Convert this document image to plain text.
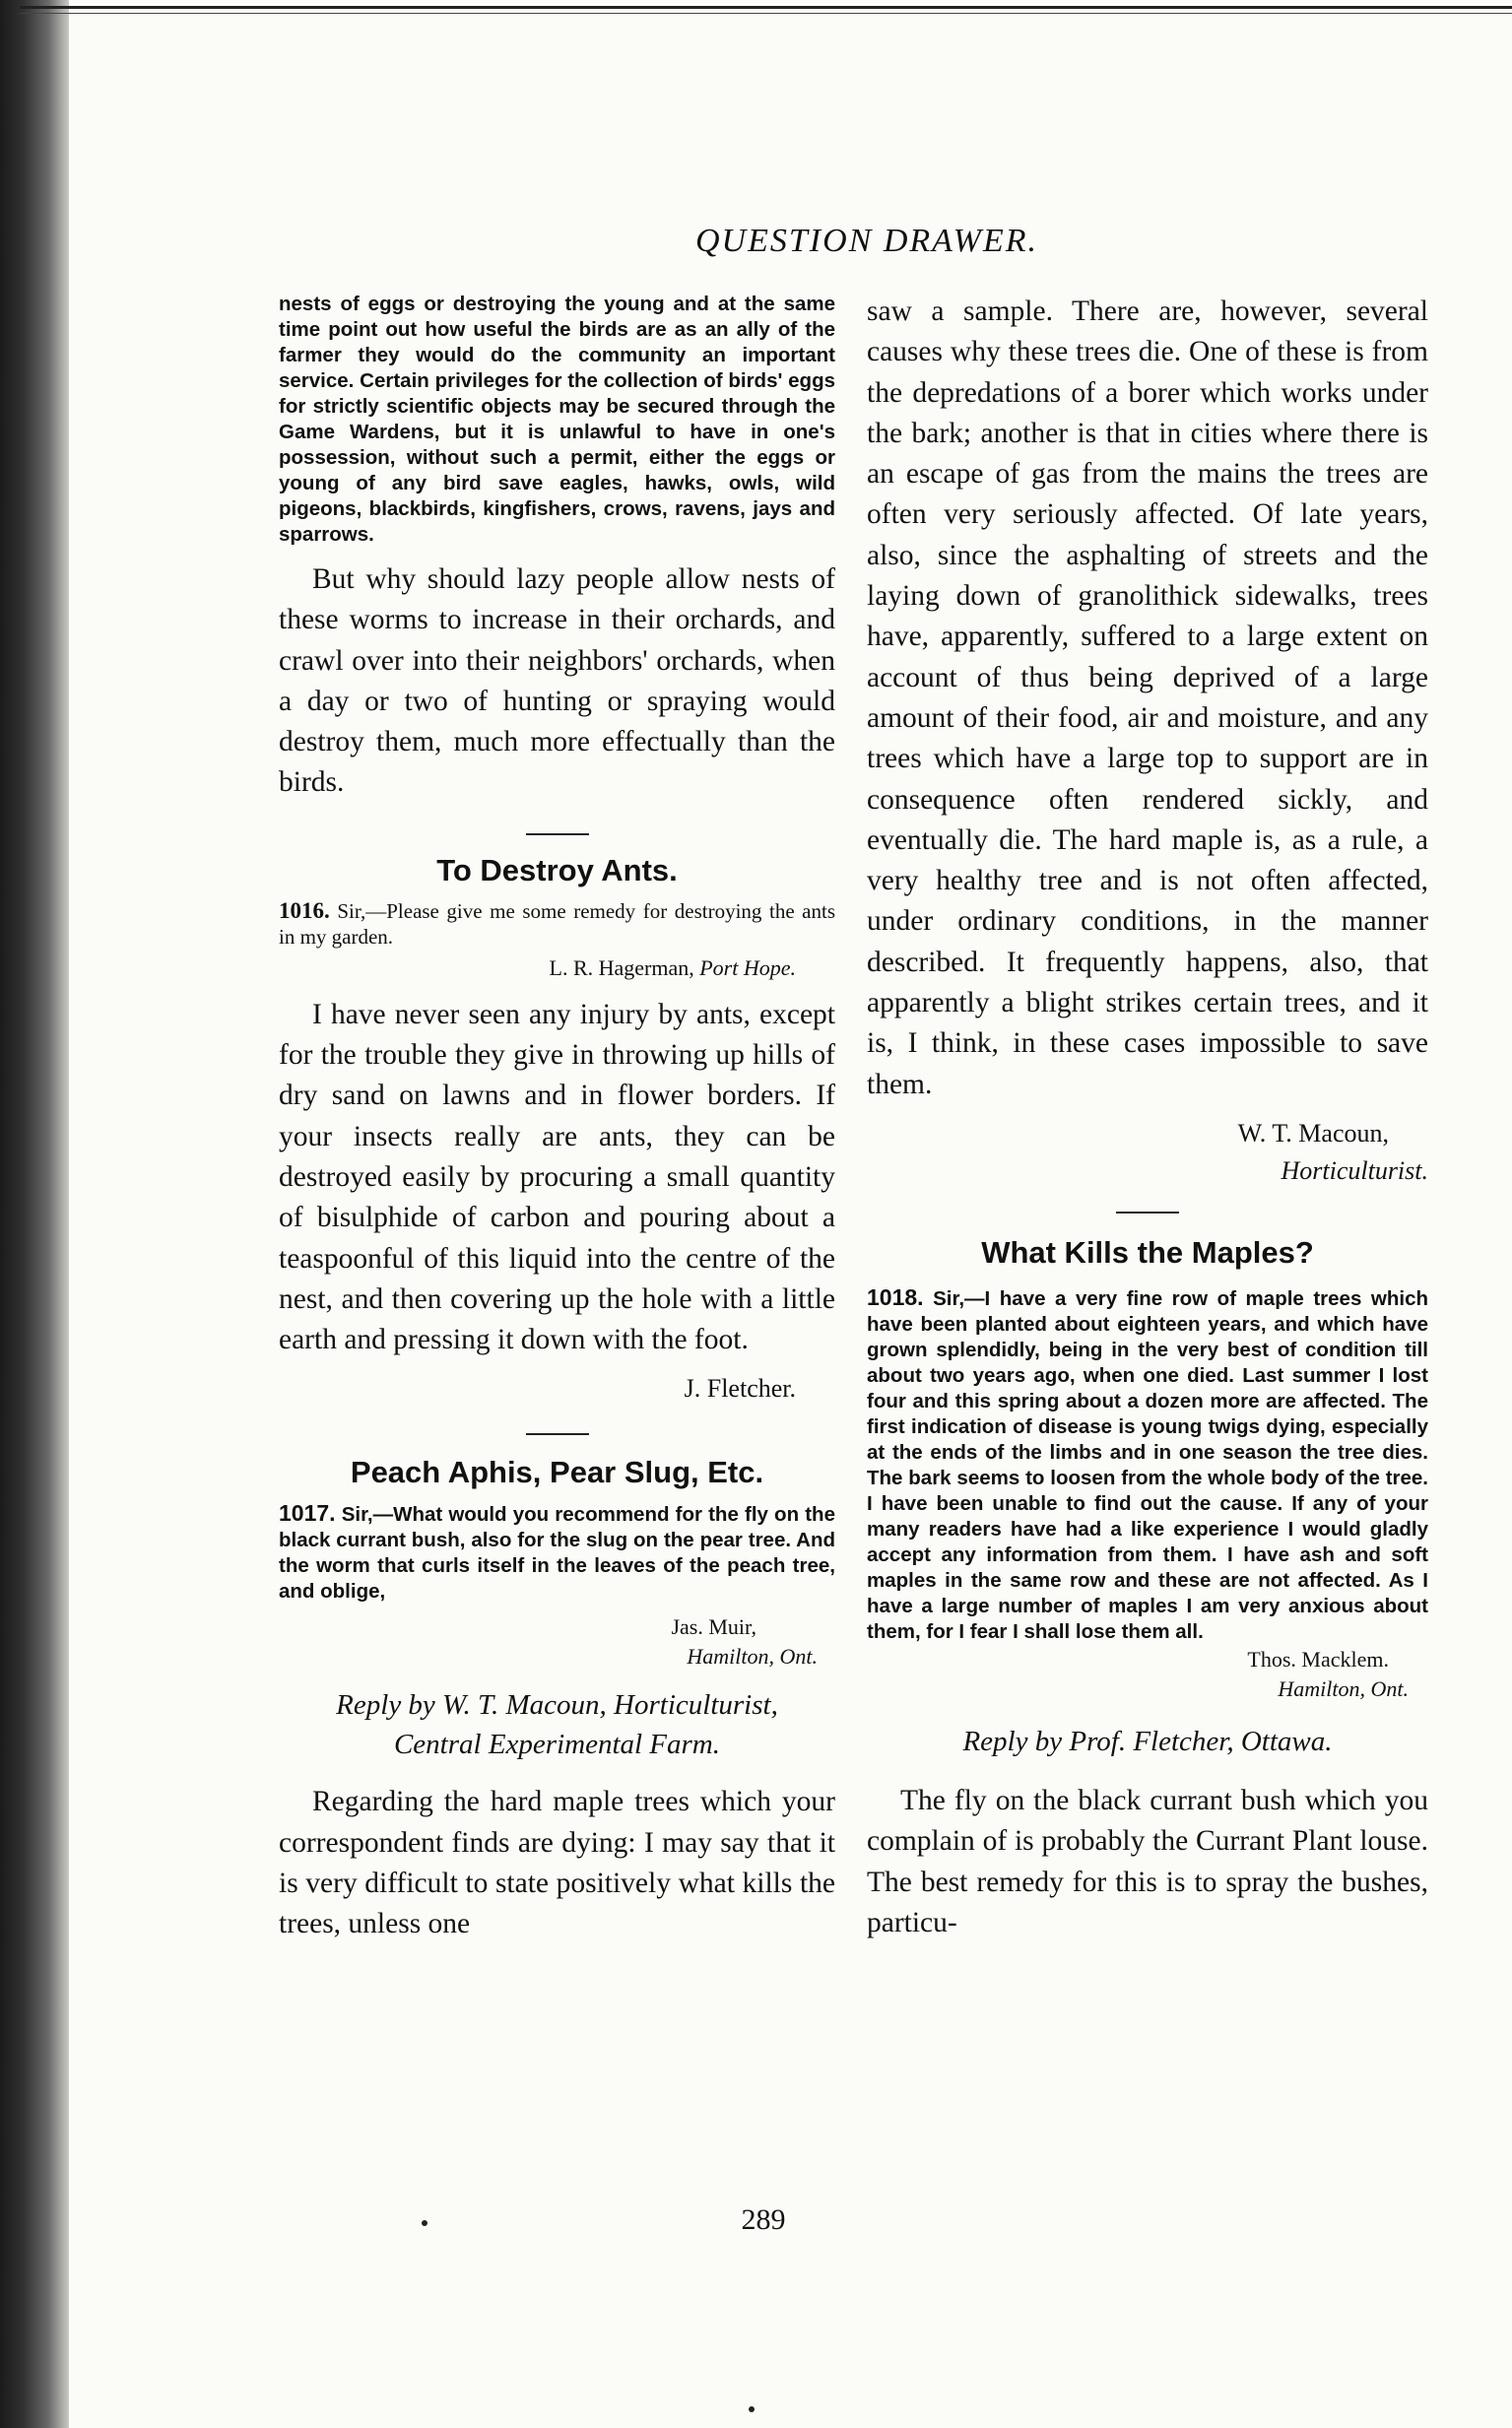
QUESTION DRAWER.

nests of eggs or destroying the young and at the same time point out how useful the birds are as an ally of the farmer they would do the community an important service. Certain privileges for the collection of birds' eggs for strictly scientific objects may be secured through the Game Wardens, but it is unlawful to have in one's possession, without such a permit, either the eggs or young of any bird save eagles, hawks, owls, wild pigeons, blackbirds, kingfishers, crows, ravens, jays and sparrows.

But why should lazy people allow nests of these worms to increase in their orchards, and crawl over into their neighbors' orchards, when a day or two of hunting or spraying would destroy them, much more effectually than the birds.

To Destroy Ants.

1016. Sir,—Please give me some remedy for destroying the ants in my garden.

L. R. Hagerman, Port Hope.

I have never seen any injury by ants, except for the trouble they give in throwing up hills of dry sand on lawns and in flower borders. If your insects really are ants, they can be destroyed easily by procuring a small quantity of bisulphide of carbon and pouring about a teaspoonful of this liquid into the centre of the nest, and then covering up the hole with a little earth and pressing it down with the foot.

J. Fletcher.

Peach Aphis, Pear Slug, Etc.

1017. Sir,—What would you recommend for the fly on the black currant bush, also for the slug on the pear tree. And the worm that curls itself in the leaves of the peach tree, and oblige,

Jas. Muir,

Hamilton, Ont.

Reply by W. T. Macoun, Horticulturist,

Central Experimental Farm.

Regarding the hard maple trees which your correspondent finds are dying: I may say that it is very difficult to state positively what kills the trees, unless one

saw a sample. There are, however, several causes why these trees die. One of these is from the depredations of a borer which works under the bark; another is that in cities where there is an escape of gas from the mains the trees are often very seriously affected. Of late years, also, since the asphalting of streets and the laying down of granolithick sidewalks, trees have, apparently, suffered to a large extent on account of thus being deprived of a large amount of their food, air and moisture, and any trees which have a large top to support are in consequence often rendered sickly, and eventually die. The hard maple is, as a rule, a very healthy tree and is not often affected, under ordinary conditions, in the manner described. It frequently happens, also, that apparently a blight strikes certain trees, and it is, I think, in these cases impossible to save them.

W. T. Macoun,

Horticulturist.

What Kills the Maples?

1018. Sir,—I have a very fine row of maple trees which have been planted about eighteen years, and which have grown splendidly, being in the very best of condition till about two years ago, when one died. Last summer I lost four and this spring about a dozen more are affected. The first indication of disease is young twigs dying, especially at the ends of the limbs and in one season the tree dies. The bark seems to loosen from the whole body of the tree. I have been unable to find out the cause. If any of your many readers have had a like experience I would gladly accept any information from them. I have ash and soft maples in the same row and these are not affected. As I have a large number of maples I am very anxious about them, for I fear I shall lose them all.

Thos. Macklem.

Hamilton, Ont.

Reply by Prof. Fletcher, Ottawa.

The fly on the black currant bush which you complain of is probably the Currant Plant louse. The best remedy for this is to spray the bushes, particu-

289
